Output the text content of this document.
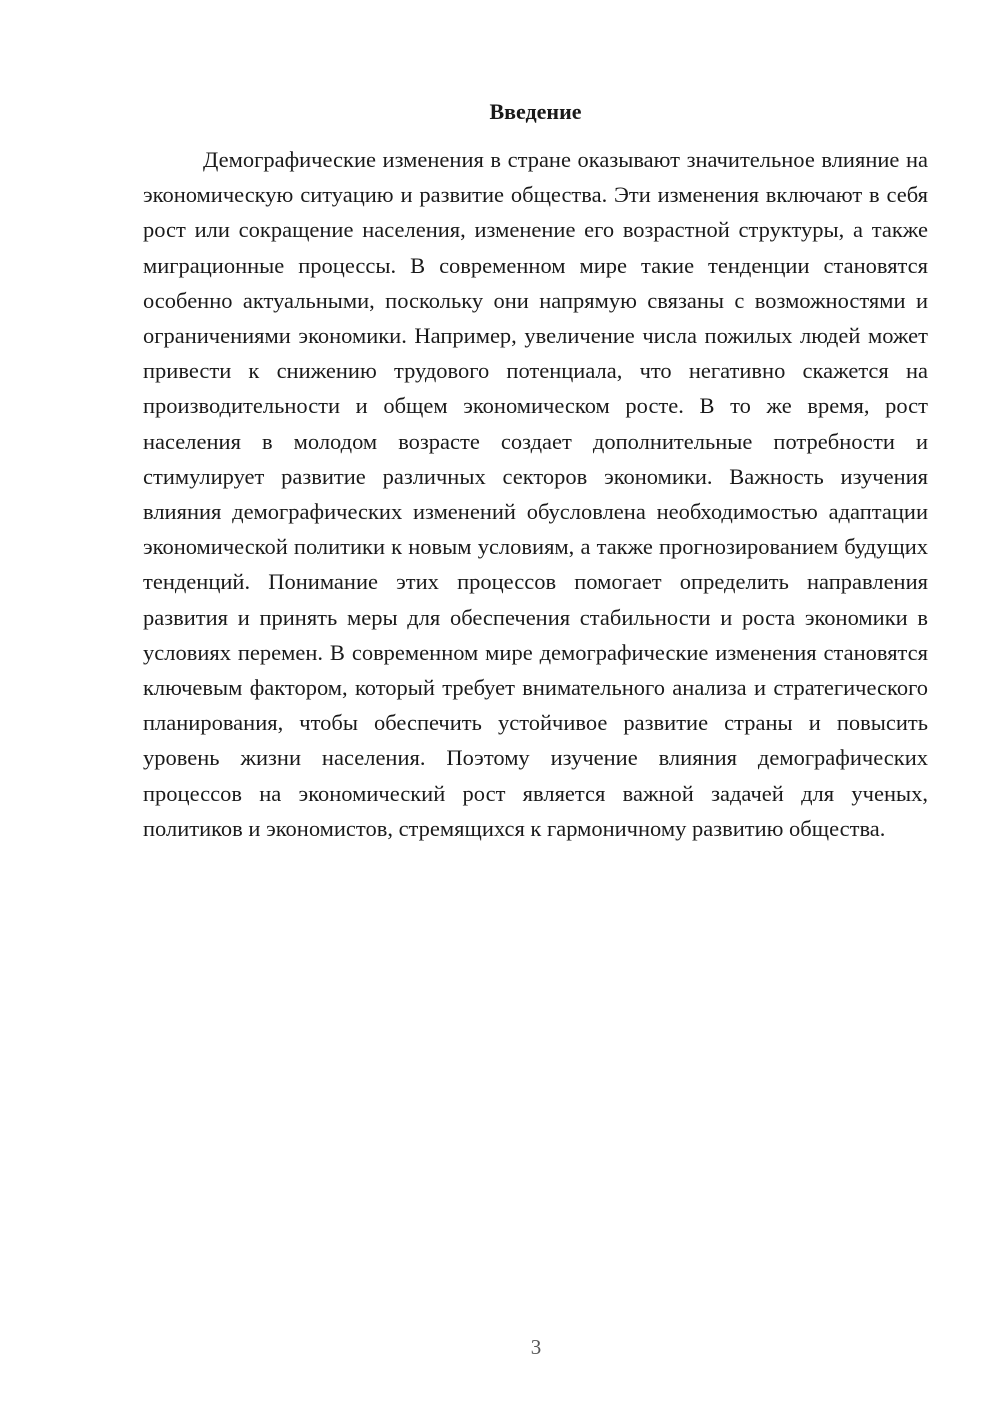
Введение

Демографические изменения в стране оказывают значительное влияние на экономическую ситуацию и развитие общества. Эти изменения включают в себя рост или сокращение населения, изменение его возрастной структуры, а также миграционные процессы. В современном мире такие тенденции становятся особенно актуальными, поскольку они напрямую связаны с возможностями и ограничениями экономики. Например, увеличение числа пожилых людей может привести к снижению трудового потенциала, что негативно скажется на производительности и общем экономическом росте. В то же время, рост населения в молодом возрасте создает дополнительные потребности и стимулирует развитие различных секторов экономики. Важность изучения влияния демографических изменений обусловлена необходимостью адаптации экономической политики к новым условиям, а также прогнозированием будущих тенденций. Понимание этих процессов помогает определить направления развития и принять меры для обеспечения стабильности и роста экономики в условиях перемен. В современном мире демографические изменения становятся ключевым фактором, который требует внимательного анализа и стратегического планирования, чтобы обеспечить устойчивое развитие страны и повысить уровень жизни населения. Поэтому изучение влияния демографических процессов на экономический рост является важной задачей для ученых, политиков и экономистов, стремящихся к гармоничному развитию общества.

3
